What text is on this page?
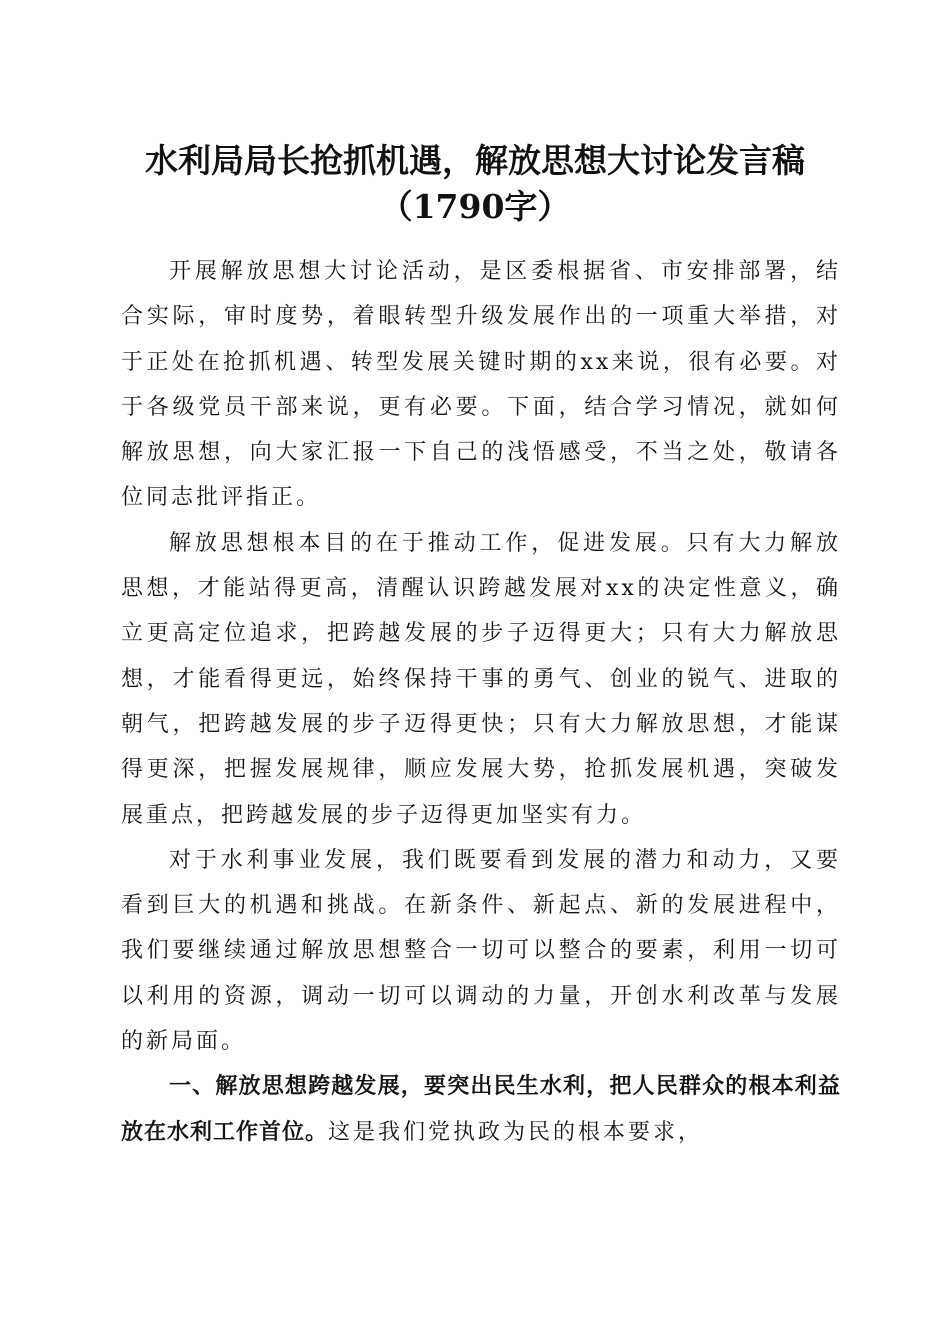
水利局局长抢抓机遇，解放思想大讨论发言稿
（1790字）

开展解放思想大讨论活动，是区委根据省、市安排部署，结合实际，审时度势，着眼转型升级发展作出的一项重大举措，对于正处在抢抓机遇、转型发展关键时期的xx来说，很有必要。对于各级党员干部来说，更有必要。下面，结合学习情况，就如何解放思想，向大家汇报一下自己的浅悟感受，不当之处，敬请各位同志批评指正。

解放思想根本目的在于推动工作，促进发展。只有大力解放思想，才能站得更高，清醒认识跨越发展对xx的决定性意义，确立更高定位追求，把跨越发展的步子迈得更大；只有大力解放思想，才能看得更远，始终保持干事的勇气、创业的锐气、进取的朝气，把跨越发展的步子迈得更快；只有大力解放思想，才能谋得更深，把握发展规律，顺应发展大势，抢抓发展机遇，突破发展重点，把跨越发展的步子迈得更加坚实有力。

对于水利事业发展，我们既要看到发展的潜力和动力，又要看到巨大的机遇和挑战。在新条件、新起点、新的发展进程中，我们要继续通过解放思想整合一切可以整合的要素，利用一切可以利用的资源，调动一切可以调动的力量，开创水利改革与发展的新局面。

一、解放思想跨越发展，要突出民生水利，把人民群众的根本利益放在水利工作首位。这是我们党执政为民的根本要求，
